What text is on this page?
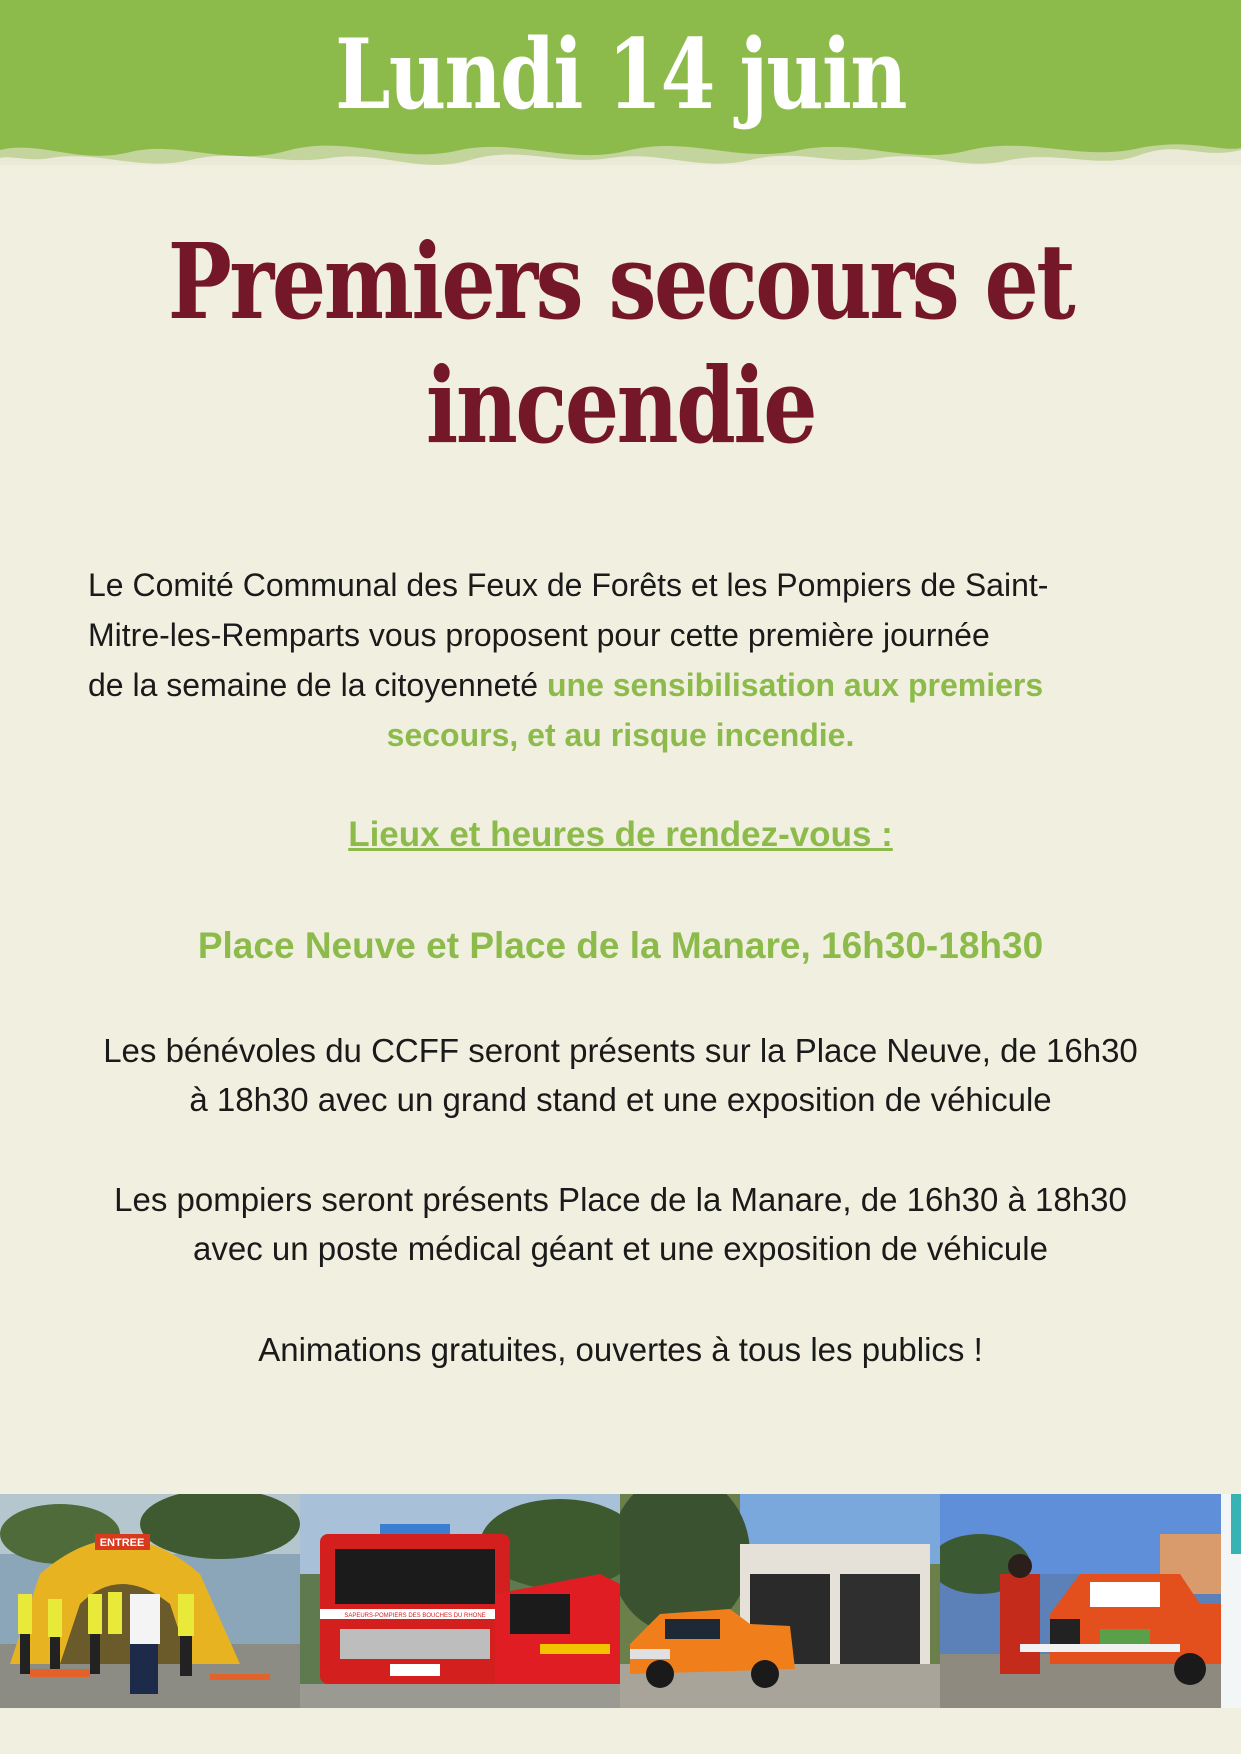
Lundi 14 juin
Premiers secours et
incendie
Le Comité Communal des Feux de Forêts et les Pompiers de Saint-
Mitre-les-Remparts vous proposent pour cette première journée
de la semaine de la citoyenneté une sensibilisation aux premiers
secours, et au risque incendie.
Lieux et heures de rendez-vous :
Place Neuve et Place de la Manare, 16h30-18h30
Les bénévoles du CCFF seront présents sur la Place Neuve, de 16h30
à 18h30 avec un grand stand et une exposition de véhicule
Les pompiers seront présents Place de la Manare, de 16h30 à 18h30
avec un poste médical géant et une exposition de véhicule
Animations gratuites, ouvertes à tous les publics !
ENTREE
SAPEURS-POMPIERS DES BOUCHES DU RHONE
